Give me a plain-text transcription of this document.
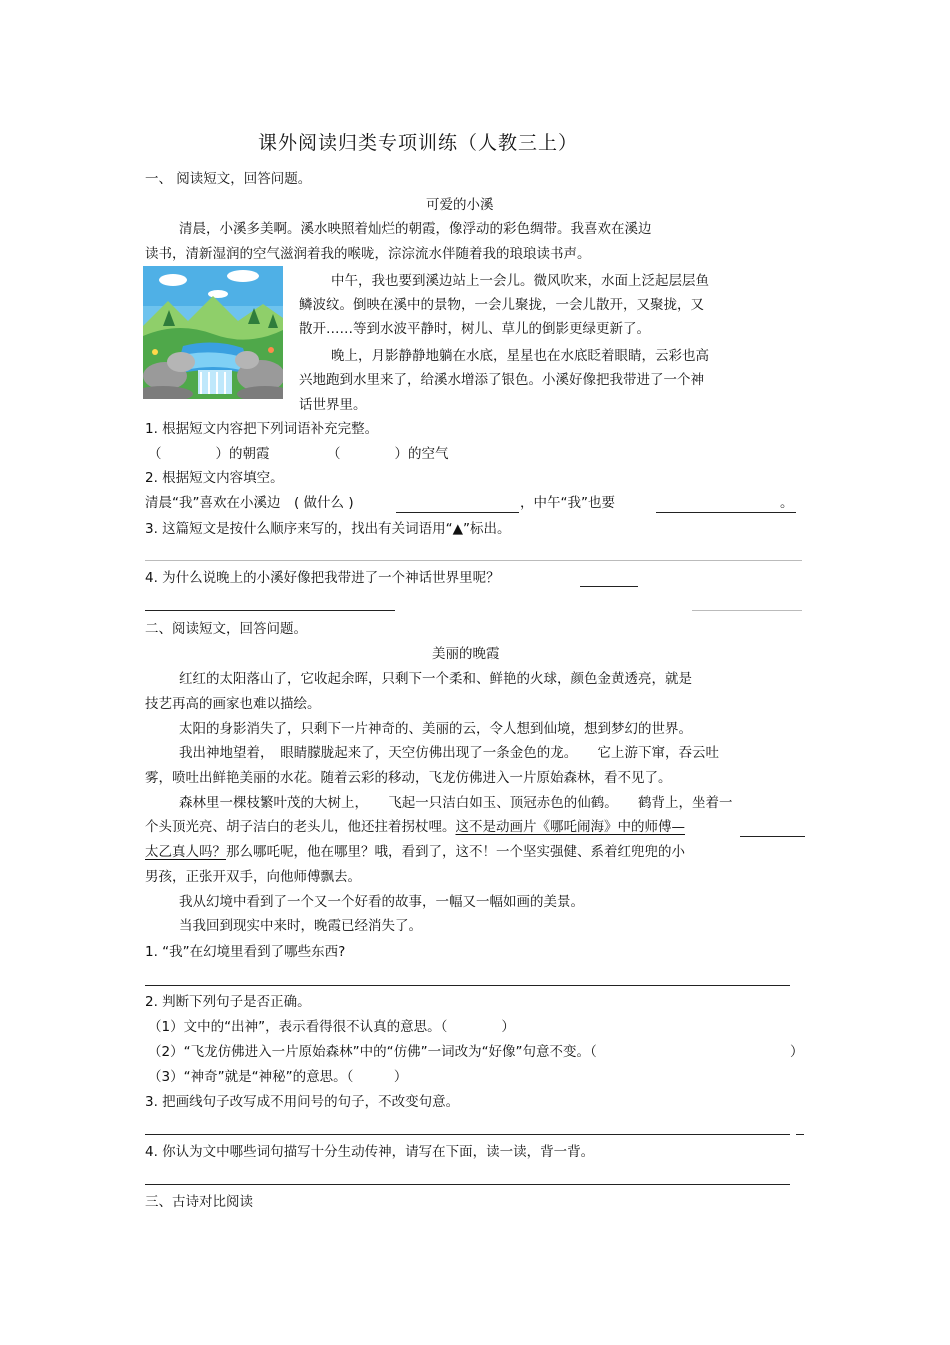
课外阅读归类专项训练（人教三上）
一、 阅读短文，回答问题。
可爱的小溪
清晨，小溪多美啊。溪水映照着灿烂的朝霞，像浮动的彩色绸带。我喜欢在溪边
读书，清新湿润的空气滋润着我的喉咙，淙淙流水伴随着我的琅琅读书声。
中午，我也要到溪边站上一会儿。微风吹来，水面上泛起层层鱼
鳞波纹。倒映在溪中的景物，一会儿聚拢，一会儿散开，又聚拢，又
散开……等到水波平静时，树儿、草儿的倒影更绿更新了。
晚上，月影静静地躺在水底，星星也在水底眨着眼睛，云彩也高
兴地跑到水里来了，给溪水增添了银色。小溪好像把我带进了一个神
话世界里。
1. 根据短文内容把下列词语补充完整。
（　　　　）的朝霞	（　　　　）的空气
2. 根据短文内容填空。
清晨“我”喜欢在小溪边　( 做什么 )	，中午“我”也要	。
3. 这篇短文是按什么顺序来写的，找出有关词语用“▲”标出。
4. 为什么说晚上的小溪好像把我带进了一个神话世界里呢？
二、阅读短文，回答问题。
美丽的晚霞
红红的太阳落山了，它收起余晖，只剩下一个柔和、鲜艳的火球，颜色金黄透亮，就是
技艺再高的画家也难以描绘。
太阳的身影消失了，只剩下一片神奇的、美丽的云，令人想到仙境，想到梦幻的世界。
我出神地望着，　眼睛朦胧起来了，天空仿佛出现了一条金色的龙。　　它上游下窜，吞云吐
雾，喷吐出鲜艳美丽的水花。随着云彩的移动，飞龙仿佛进入一片原始森林，看不见了。
森林里一棵枝繁叶茂的大树上，　　飞起一只洁白如玉、顶冠赤色的仙鹤。　　鹤背上，坐着一
个头顶光亮、胡子洁白的老头儿，他还拄着拐杖哩。这不是动画片《哪吒闹海》中的师傅—
太乙真人吗？那么哪吒呢，他在哪里？哦，看到了，这不！一个坚实强健、系着红兜兜的小
男孩，正张开双手，向他师傅飘去。
我从幻境中看到了一个又一个好看的故事，一幅又一幅如画的美景。
当我回到现实中来时，晚霞已经消失了。
1. “我”在幻境里看到了哪些东西?
2. 判断下列句子是否正确。
（1）文中的“出神”，表示看得很不认真的意思。（　　　　）
（2）“飞龙仿佛进入一片原始森林”中的“仿佛”一词改为“好像”句意不变。（	）
（3）“神奇”就是“神秘”的意思。（　　　）
3. 把画线句子改写成不用问号的句子，不改变句意。
4. 你认为文中哪些词句描写十分生动传神，请写在下面，读一读，背一背。
三、古诗对比阅读
